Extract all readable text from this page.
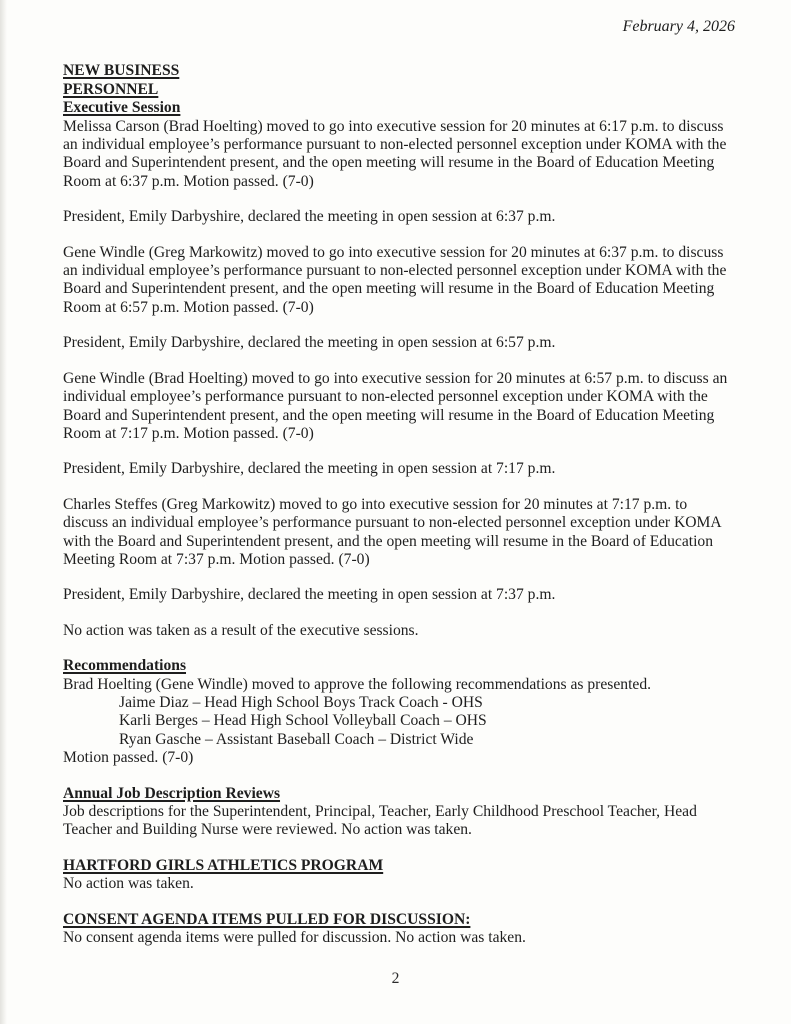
February 4, 2026

NEW BUSINESS

PERSONNEL

Executive Session

Melissa Carson (Brad Hoelting) moved to go into executive session for 20 minutes at 6:17 p.m. to discuss an individual employee’s performance pursuant to non-elected personnel exception under KOMA with the Board and Superintendent present, and the open meeting will resume in the Board of Education Meeting Room at 6:37 p.m. Motion passed. (7-0)

President, Emily Darbyshire, declared the meeting in open session at 6:37 p.m.

Gene Windle (Greg Markowitz) moved to go into executive session for 20 minutes at 6:37 p.m. to discuss an individual employee’s performance pursuant to non-elected personnel exception under KOMA with the Board and Superintendent present, and the open meeting will resume in the Board of Education Meeting Room at 6:57 p.m. Motion passed. (7-0)

President, Emily Darbyshire, declared the meeting in open session at 6:57 p.m.

Gene Windle (Brad Hoelting) moved to go into executive session for 20 minutes at 6:57 p.m. to discuss an individual employee’s performance pursuant to non-elected personnel exception under KOMA with the Board and Superintendent present, and the open meeting will resume in the Board of Education Meeting Room at 7:17 p.m. Motion passed. (7-0)

President, Emily Darbyshire, declared the meeting in open session at 7:17 p.m.

Charles Steffes (Greg Markowitz) moved to go into executive session for 20 minutes at 7:17 p.m. to discuss an individual employee’s performance pursuant to non-elected personnel exception under KOMA with the Board and Superintendent present, and the open meeting will resume in the Board of Education Meeting Room at 7:37 p.m. Motion passed. (7-0)

President, Emily Darbyshire, declared the meeting in open session at 7:37 p.m.

No action was taken as a result of the executive sessions.

Recommendations

Brad Hoelting (Gene Windle) moved to approve the following recommendations as presented.

Jaime Diaz – Head High School Boys Track Coach - OHS

Karli Berges – Head High School Volleyball Coach – OHS

Ryan Gasche – Assistant Baseball Coach – District Wide

Motion passed. (7-0)

Annual Job Description Reviews

Job descriptions for the Superintendent, Principal, Teacher, Early Childhood Preschool Teacher, Head Teacher and Building Nurse were reviewed. No action was taken.

HARTFORD GIRLS ATHLETICS PROGRAM

No action was taken.

CONSENT AGENDA ITEMS PULLED FOR DISCUSSION:

No consent agenda items were pulled for discussion. No action was taken.

2
